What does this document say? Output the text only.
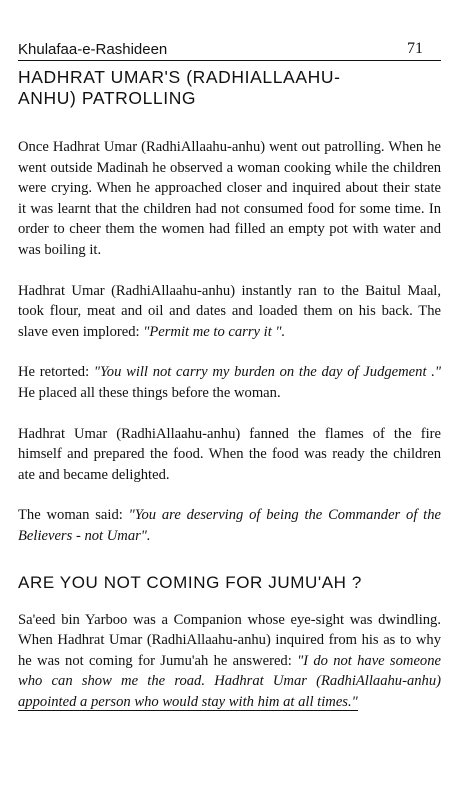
Khulafaa-e-Rashideen	71
HADHRAT UMAR'S (RADHIALLAAHU-ANHU) PATROLLING

Once Hadhrat Umar (RadhiAllaahu-anhu) went out patrolling. When he went outside Madinah he observed a woman cooking while the children were crying. When he approached closer and inquired about their state it was learnt that the children had not consumed food for some time. In order to cheer them the women had filled an empty pot with water and was boiling it.

Hadhrat Umar (RadhiAllaahu-anhu) instantly ran to the Baitul Maal, took flour, meat and oil and dates and loaded them on his back. The slave even implored: "Permit me to carry it ".

He retorted: "You will not carry my burden on the day of Judgement ." He placed all these things before the woman.

Hadhrat Umar (RadhiAllaahu-anhu) fanned the flames of the fire himself and prepared the food. When the food was ready the children ate and became delighted.

The woman said: "You are deserving of being the Commander of the Believers - not Umar".

ARE YOU NOT COMING FOR JUMU'AH ?

Sa'eed bin Yarboo was a Companion whose eye-sight was dwindling. When Hadhrat Umar (RadhiAllaahu-anhu) inquired from his as to why he was not coming for Jumu'ah he answered: "I do not have someone who can show me the road. Hadhrat Umar (RadhiAllaahu-anhu) appointed a person who would stay with him at all times."
